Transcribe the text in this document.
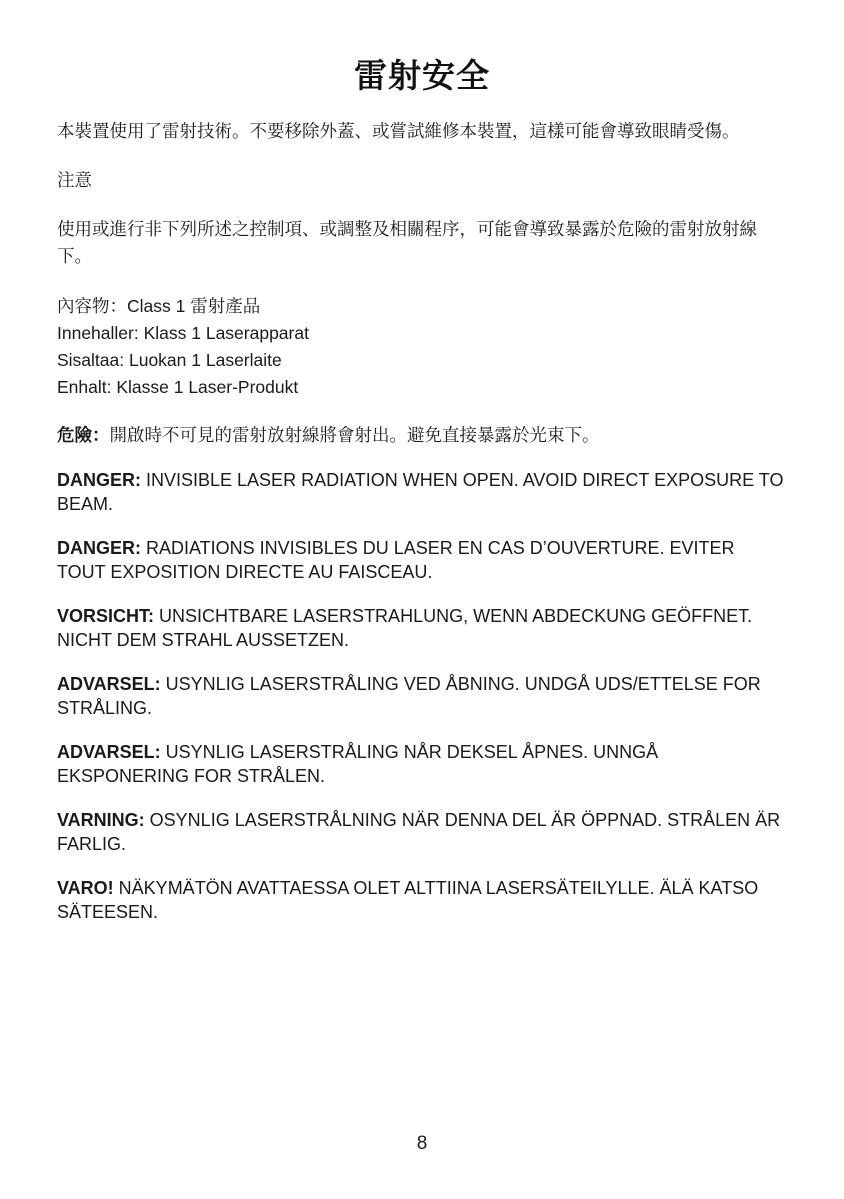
雷射安全

本裝置使用了雷射技術。不要移除外蓋、或嘗試維修本裝置，這樣可能會導致眼睛受傷。

注意

使用或進行非下列所述之控制項、或調整及相關程序，可能會導致暴露於危險的雷射放射線下。

內容物：Class 1 雷射產品
Innehaller: Klass 1 Laserapparat
Sisaltaa: Luokan 1 Laserlaite
Enhalt: Klasse 1 Laser-Produkt

危險：開啟時不可見的雷射放射線將會射出。避免直接暴露於光束下。

DANGER: INVISIBLE LASER RADIATION WHEN OPEN. AVOID DIRECT EXPOSURE TO BEAM.

DANGER: RADIATIONS INVISIBLES DU LASER EN CAS D’OUVERTURE. EVITER TOUT EXPOSITION DIRECTE AU FAISCEAU.

VORSICHT: UNSICHTBARE LASERSTRAHLUNG, WENN ABDECKUNG GEÖFFNET. NICHT DEM STRAHL AUSSETZEN.

ADVARSEL: USYNLIG LASERSTRÅLING VED ÅBNING. UNDGÅ UDS/ETTELSE FOR STRÅLING.

ADVARSEL: USYNLIG LASERSTRÅLING NÅR DEKSEL ÅPNES. UNNGÅ EKSPONERING FOR STRÅLEN.

VARNING: OSYNLIG LASERSTRÅLNING NÄR DENNA DEL ÄR ÖPPNAD. STRÅLEN ÄR FARLIG.

VARO! NÄKYMÄTÖN AVATTAESSA OLET ALTTIINA LASERSÄTEILYLLE. ÄLÄ KATSO SÄTEESEN.

8
